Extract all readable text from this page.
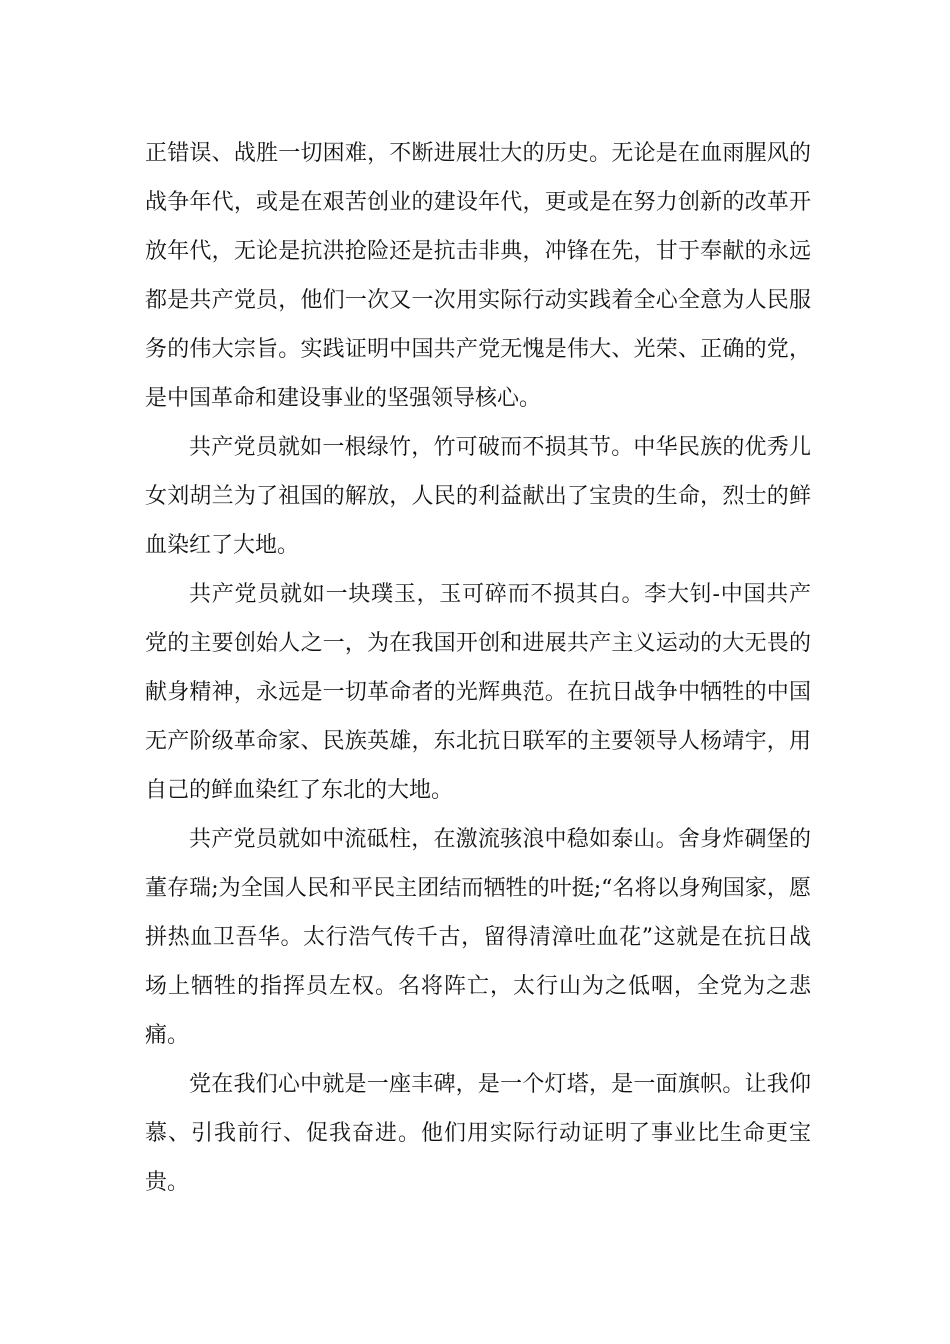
正错误、战胜一切困难，不断进展壮大的历史。无论是在血雨腥风的战争年代，或是在艰苦创业的建设年代，更或是在努力创新的改革开放年代，无论是抗洪抢险还是抗击非典，冲锋在先，甘于奉献的永远都是共产党员，他们一次又一次用实际行动实践着全心全意为人民服务的伟大宗旨。实践证明中国共产党无愧是伟大、光荣、正确的党，是中国革命和建设事业的坚强领导核心。

共产党员就如一根绿竹，竹可破而不损其节。中华民族的优秀儿女刘胡兰为了祖国的解放，人民的利益献出了宝贵的生命，烈士的鲜血染红了大地。

共产党员就如一块璞玉，玉可碎而不损其白。李大钊-中国共产党的主要创始人之一，为在我国开创和进展共产主义运动的大无畏的献身精神，永远是一切革命者的光辉典范。在抗日战争中牺牲的中国无产阶级革命家、民族英雄，东北抗日联军的主要领导人杨靖宇，用自己的鲜血染红了东北的大地。

共产党员就如中流砥柱，在激流骇浪中稳如泰山。舍身炸碉堡的董存瑞;为全国人民和平民主团结而牺牲的叶挺;“名将以身殉国家，愿拼热血卫吾华。太行浩气传千古，留得清漳吐血花”这就是在抗日战场上牺牲的指挥员左权。名将阵亡，太行山为之低咽，全党为之悲痛。

党在我们心中就是一座丰碑，是一个灯塔，是一面旗帜。让我仰慕、引我前行、促我奋进。他们用实际行动证明了事业比生命更宝贵。
